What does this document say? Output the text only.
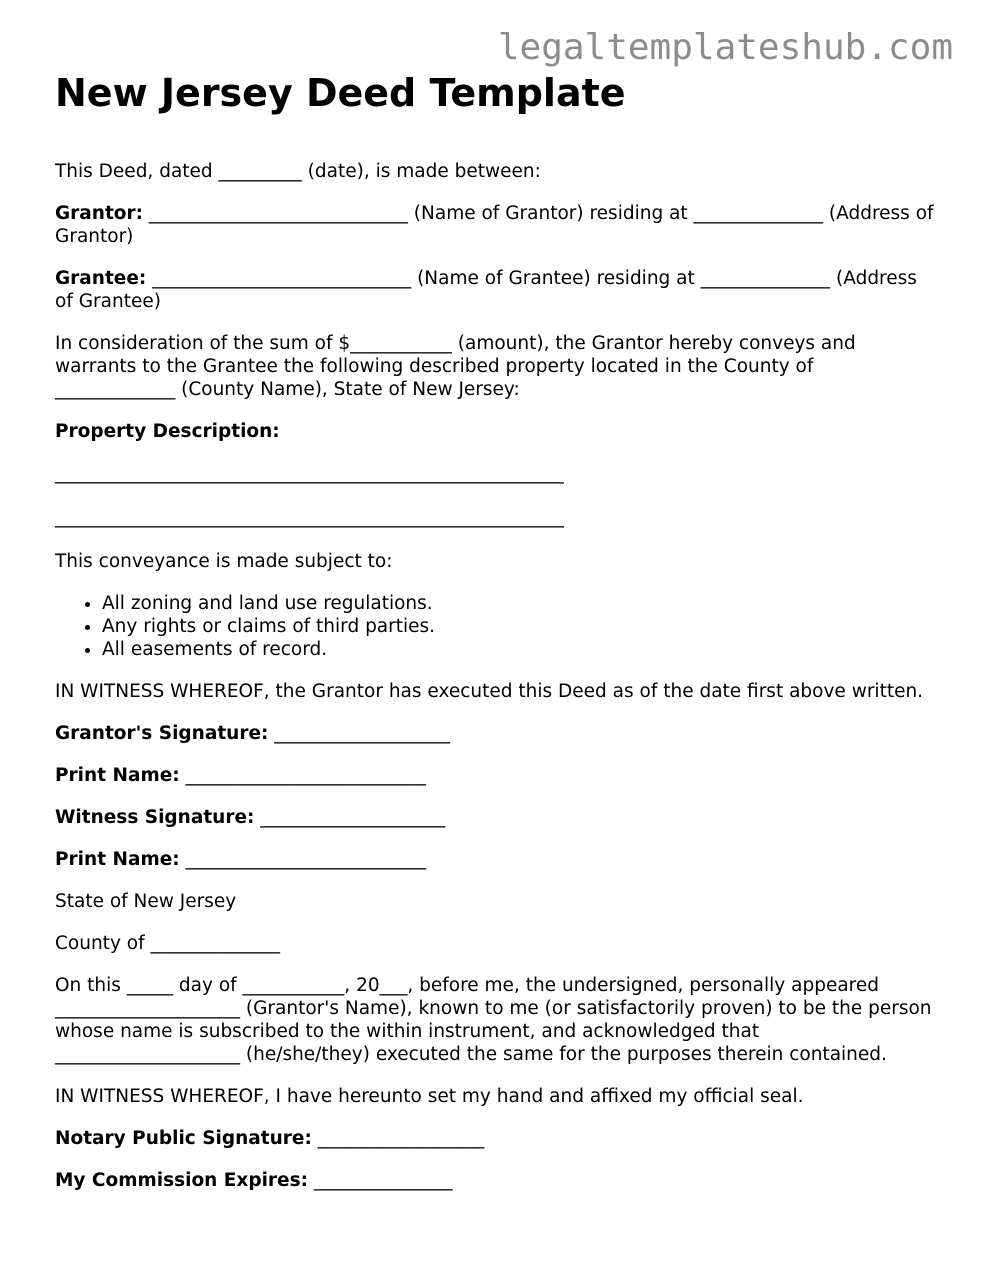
legaltemplateshub.com
New Jersey Deed Template

This Deed, dated _________ (date), is made between:

Grantor: ____________________________ (Name of Grantor) residing at ______________ (Address of Grantor)

Grantee: ____________________________ (Name of Grantee) residing at ______________ (Address of Grantee)

In consideration of the sum of $___________ (amount), the Grantor hereby conveys and warrants to the Grantee the following described property located in the County of _____________ (County Name), State of New Jersey:

Property Description:

_______________________________________________________
_______________________________________________________

This conveyance is made subject to:

• All zoning and land use regulations.
• Any rights or claims of third parties.
• All easements of record.

IN WITNESS WHEREOF, the Grantor has executed this Deed as of the date first above written.

Grantor's Signature: ___________________

Print Name: __________________________

Witness Signature: ____________________

Print Name: __________________________

State of New Jersey

County of ______________

On this _____ day of ___________, 20___, before me, the undersigned, personally appeared ____________________ (Grantor's Name), known to me (or satisfactorily proven) to be the person whose name is subscribed to the within instrument, and acknowledged that ____________________ (he/she/they) executed the same for the purposes therein contained.

IN WITNESS WHEREOF, I have hereunto set my hand and affixed my official seal.

Notary Public Signature: __________________

My Commission Expires: _______________
